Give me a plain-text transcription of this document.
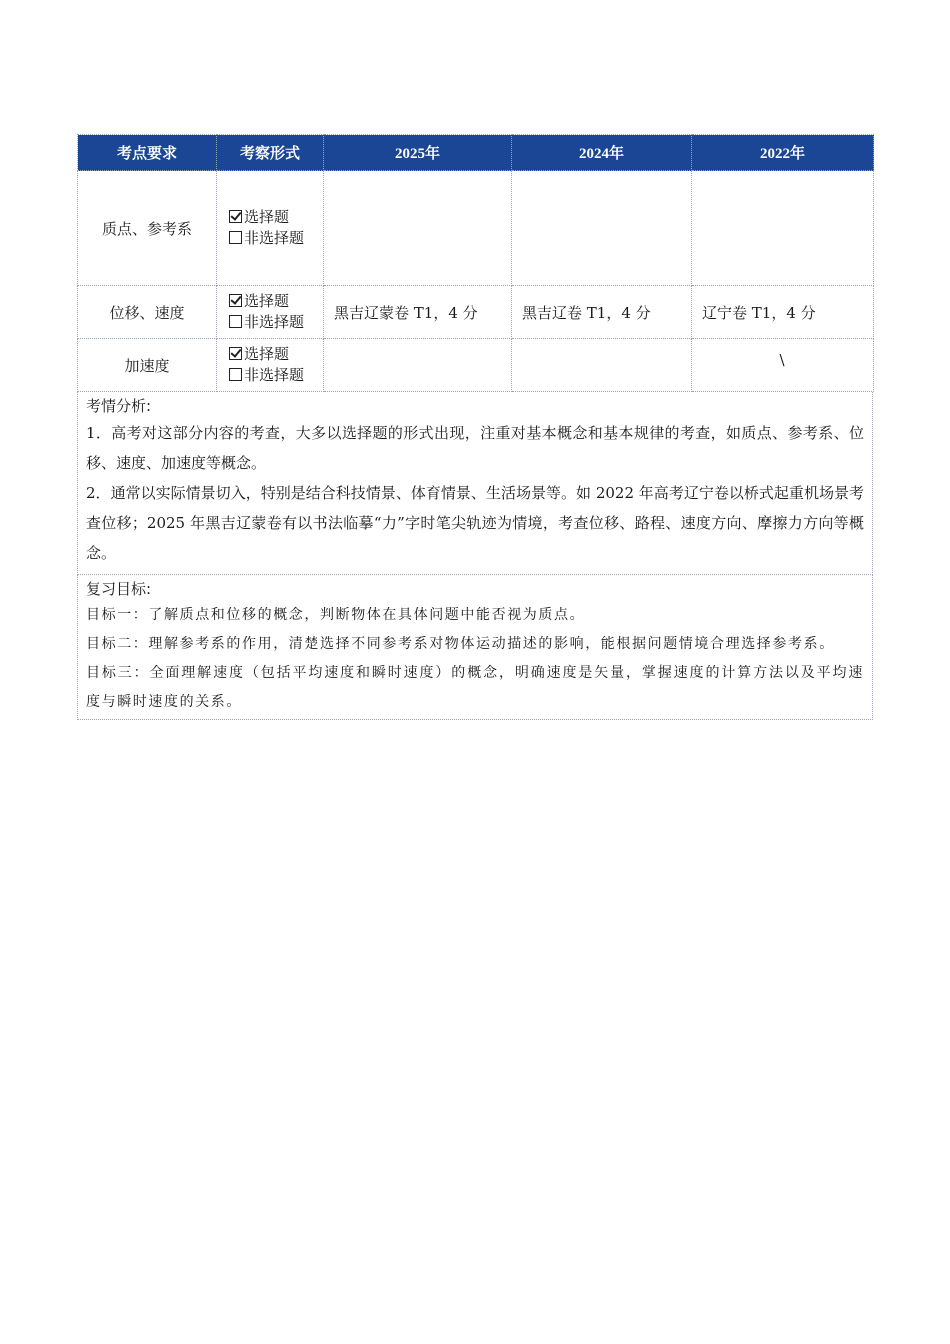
考点要求	考察形式	2025年	2024年	2022年
质点、参考系	选择题
非选择题			

位移、速度	选择题
非选择题	黑吉辽蒙卷 T1，4 分	黑吉辽卷 T1，4 分	辽宁卷 T1，4 分
加速度	选择题
非选择题			\
考情分析:

1．高考对这部分内容的考查，大多以选择题的形式出现，注重对基本概念和基本规律的考查，如质点、参考系、位移、速度、加速度等概念。

2．通常以实际情景切入，特别是结合科技情景、体育情景、生活场景等。如 2022 年高考辽宁卷以桥式起重机场景考查位移；2025 年黑吉辽蒙卷有以书法临摹“力”字时笔尖轨迹为情境，考查位移、路程、速度方向、摩擦力方向等概念。

复习目标:

目标一：了解质点和位移的概念，判断物体在具体问题中能否视为质点。

目标二：理解参考系的作用，清楚选择不同参考系对物体运动描述的影响，能根据问题情境合理选择参考系。

目标三：全面理解速度（包括平均速度和瞬时速度）的概念，明确速度是矢量，掌握速度的计算方法以及平均速度与瞬时速度的关系。
